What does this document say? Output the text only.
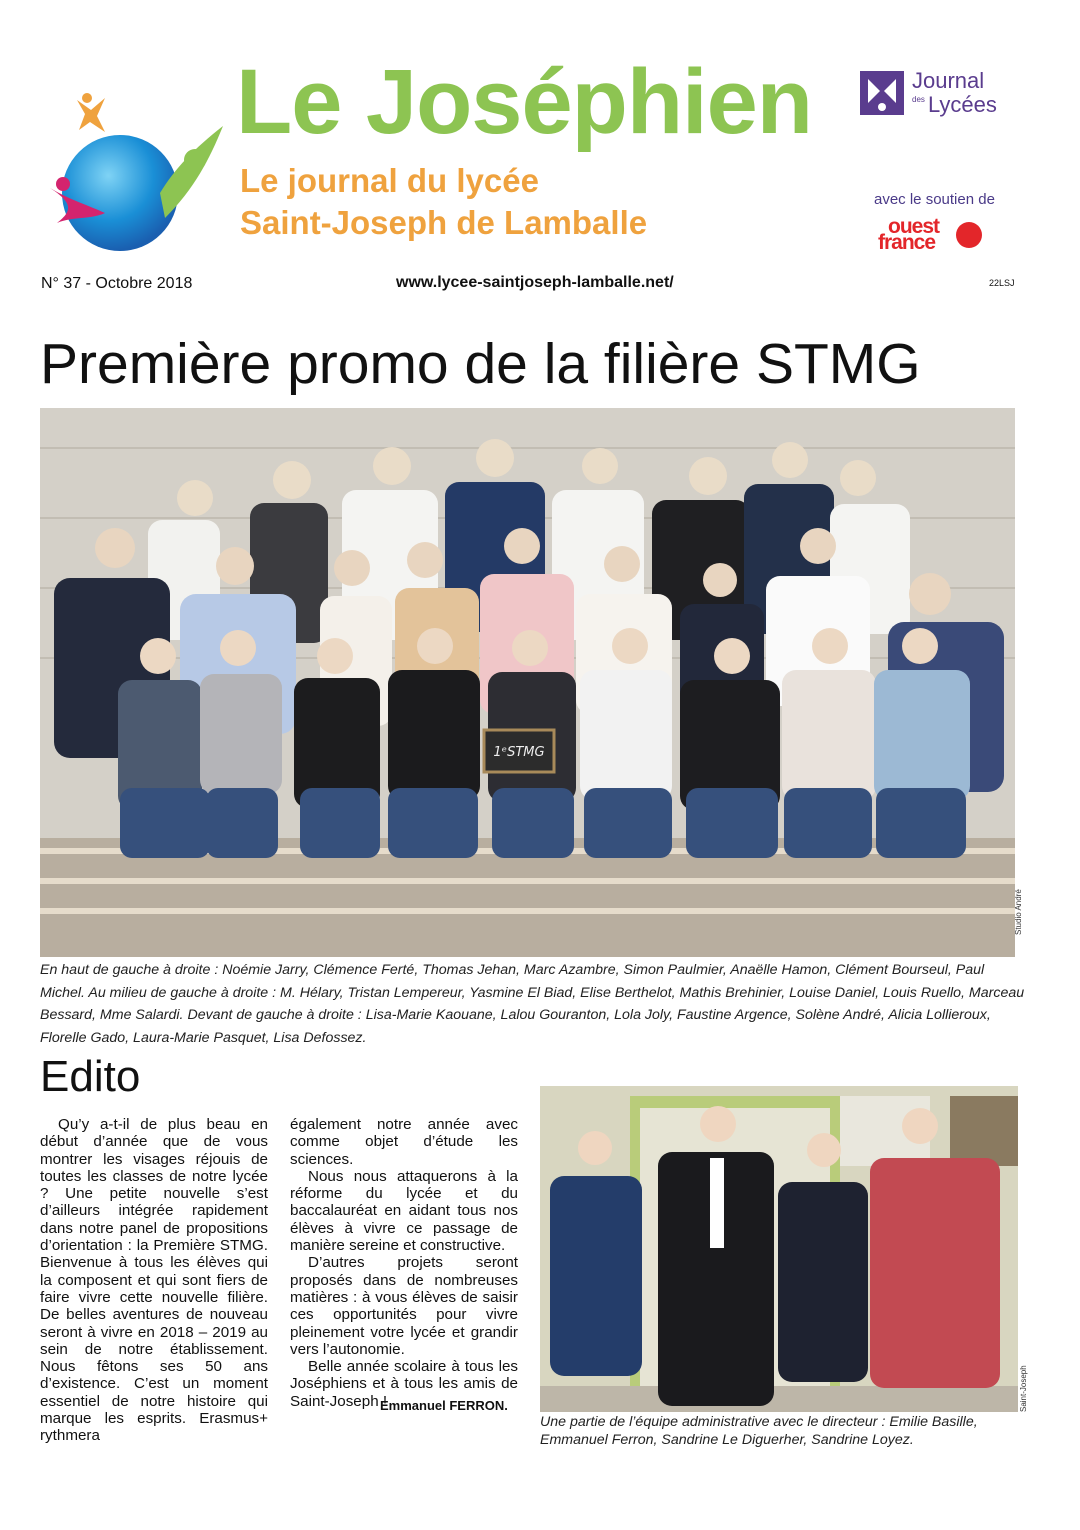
Le Joséphien
Le journal du lycée
Saint-Joseph de Lamballe
Journal
des Lycées
avec le soutien de
ouest
france
N° 37 - Octobre 2018	www.lycee-saintjoseph-lamballe.net/	22LSJ
Première promo de la filière STMG
1ᵉSTMG
Studio André
En haut de gauche à droite : Noémie Jarry, Clémence Ferté, Thomas Jehan, Marc Azambre, Simon Paulmier, Anaëlle Hamon, Clément Bourseul, Paul Michel. Au milieu de gauche à droite : M. Hélary, Tristan Lempereur, Yasmine El Biad, Elise Berthelot, Mathis Brehinier, Louise Daniel, Louis Ruello, Marceau Bessard, Mme Salardi. Devant de gauche à droite : Lisa-Marie Kaouane, Lalou Gouranton, Lola Joly, Faustine Argence, Solène André, Alicia Lollieroux, Florelle Gado, Laura-Marie Pasquet, Lisa Defossez.
Edito

Qu’y a-t-il de plus beau en début d’année que de vous montrer les visages réjouis de toutes les classes de notre lycée ? Une petite nouvelle s’est d’ailleurs intégrée rapidement dans notre panel de propositions d’orientation : la Première STMG. Bienvenue à tous les élèves qui la composent et qui sont fiers de faire vivre cette nouvelle filière. De belles aventures de nouveau seront à vivre en 2018 – 2019 au sein de notre établissement. Nous fêtons ses 50 ans d’existence. C’est un moment essentiel de notre histoire qui marque les esprits. Erasmus+ rythmera

également notre année avec comme objet d’étude les sciences.

Nous nous attaquerons à la réforme du lycée et du baccalauréat en aidant tous nos élèves à vivre ce passage de manière sereine et constructive.

D’autres projets seront proposés dans de nombreuses matières : à vous élèves de saisir ces opportunités pour vivre pleinement votre lycée et grandir vers l’autonomie.

Belle année scolaire à tous les Joséphiens et à tous les amis de Saint-Joseph !

Emmanuel FERRON.	Saint-Joseph
Une partie de l’équipe administrative avec le directeur : Emilie Basille, Emmanuel Ferron, Sandrine Le Diguerher, Sandrine Loyez.
